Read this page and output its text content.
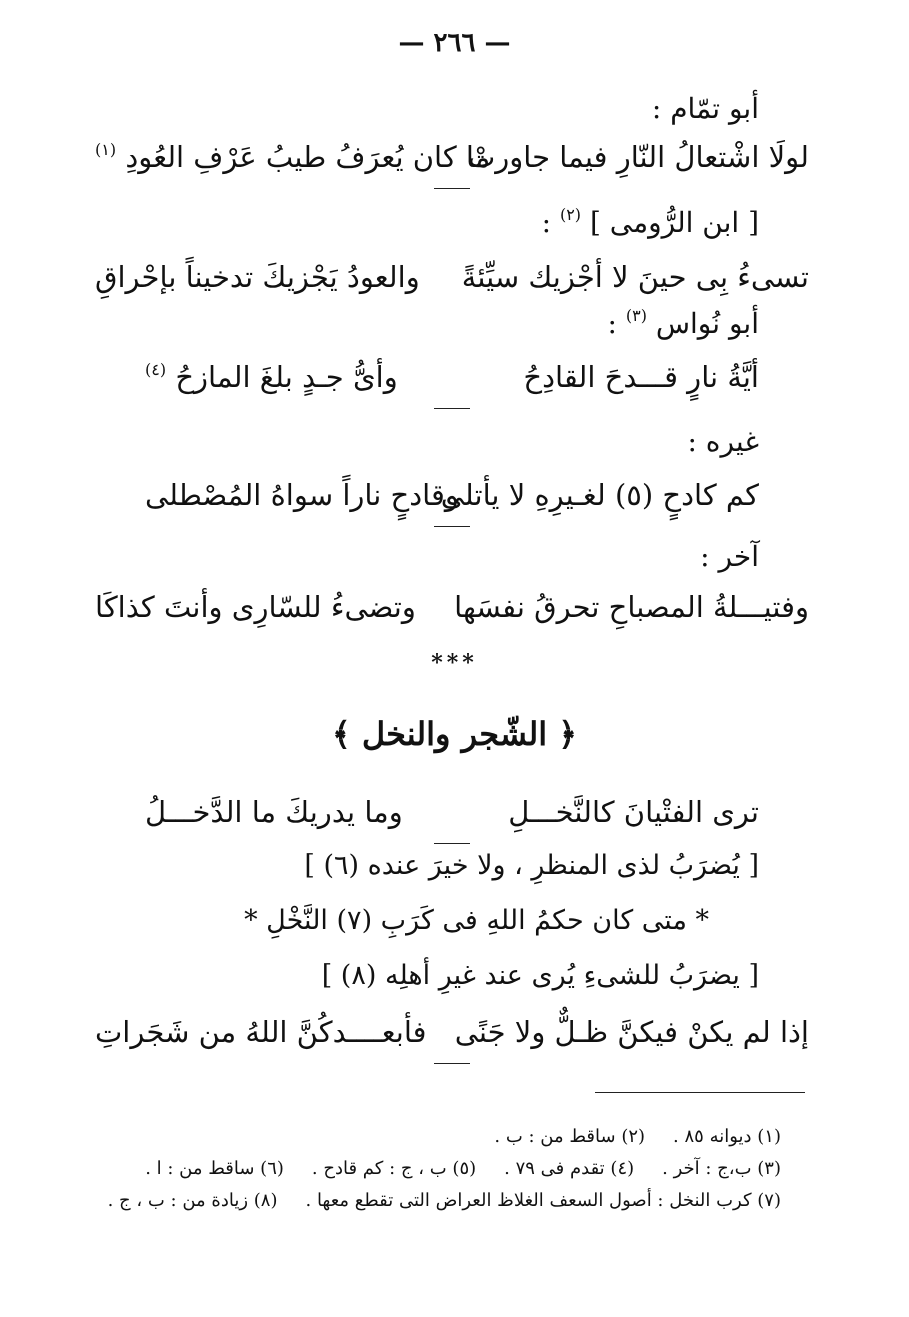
— ٢٦٦ —
أبو تمّام :
لولَا اشْتعالُ النّارِ فيما جاورتْ
ما كان يُعرَفُ طيبُ عَرْفِ العُودِ $^{(١)}$
[ ابن الرُّومى ] $^{(٢)}$ :
تسىءُ بِى حينَ لا أجْزيك سيِّئةً
والعودُ يَجْزيكَ تدخيناً بإحْراقِ
أبو نُواس $^{(٣)}$ :
أيَّةُ نارٍ قـــدحَ القادِحُ
وأىُّ جـدٍ بلغَ المازحُ $^{(٤)}$
غيره :
كم كادحٍ (٥) لغـيرِهِ لا يأتلى
وقادحٍ ناراً سواهُ المُصْطلى
آخر :
وفتيـــلةُ المصباحِ تحرقُ نفسَها
وتضىءُ للسّارِى وأنتَ كذاكَا
***
﴿ الشّجر والنخل ﴾
ترى الفتْيانَ كالنَّخـــلِ
وما يدريكَ ما الدَّخـــلُ
[ يُضرَبُ لذى المنظرِ ، ولا خيرَ عنده (٦) ]
* متى كان حكمُ اللهِ فى كَرَبِ (٧) النَّخْلِ *
[ يضرَبُ للشىءِ يُرى عند غيرِ أهلِه (٨) ]
إذا لم يكنْ فيكنَّ ظـلٌّ ولا جَنًى
فأبعــــدكُنَّ اللهُ من شَجَراتِ
(١) ديوانه ٨٥ .(٢) ساقط من : ب .
(٣) ب،ج : آخر .(٤) تقدم فى ٧٩ .(٥) ب ، ج : كم قادح .(٦) ساقط من : ا .
(٧) كرب النخل : أصول السعف الغلاظ العراض التى تقطع معها .(٨) زيادة من : ب ، ج .
